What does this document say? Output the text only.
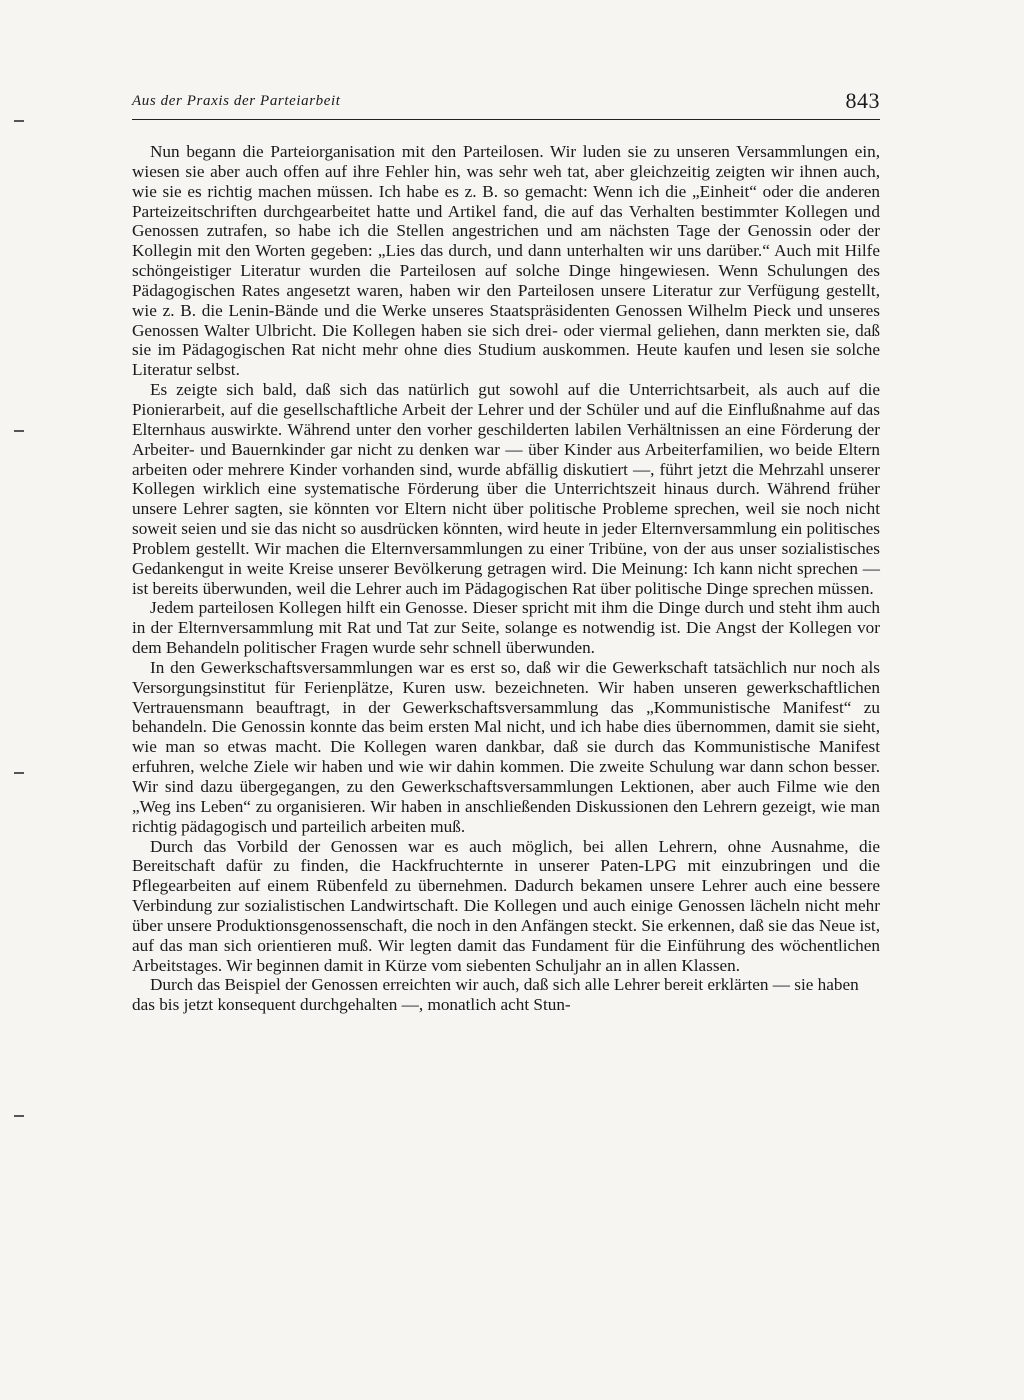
Aus der Praxis der Parteiarbeit	843

Nun begann die Parteiorganisation mit den Parteilosen. Wir luden sie zu unseren Versammlungen ein, wiesen sie aber auch offen auf ihre Fehler hin, was sehr weh tat, aber gleichzeitig zeigten wir ihnen auch, wie sie es richtig machen müssen. Ich habe es z. B. so gemacht: Wenn ich die „Einheit“ oder die anderen Parteizeitschriften durchgearbeitet hatte und Artikel fand, die auf das Verhalten bestimmter Kollegen und Genossen zutrafen, so habe ich die Stellen angestrichen und am nächsten Tage der Genossin oder der Kollegin mit den Worten gegeben: „Lies das durch, und dann unterhalten wir uns darüber.“ Auch mit Hilfe schöngeistiger Literatur wurden die Parteilosen auf solche Dinge hingewiesen. Wenn Schulungen des Pädagogischen Rates angesetzt waren, haben wir den Parteilosen unsere Literatur zur Verfügung gestellt, wie z. B. die Lenin-Bände und die Werke unseres Staatspräsidenten Genossen Wilhelm Pieck und unseres Genossen Walter Ulbricht. Die Kollegen haben sie sich drei- oder viermal geliehen, dann merkten sie, daß sie im Pädagogischen Rat nicht mehr ohne dies Studium auskommen. Heute kaufen und lesen sie solche Literatur selbst.

Es zeigte sich bald, daß sich das natürlich gut sowohl auf die Unterrichtsarbeit, als auch auf die Pionierarbeit, auf die gesellschaftliche Arbeit der Lehrer und der Schüler und auf die Einflußnahme auf das Elternhaus auswirkte. Während unter den vorher geschilderten labilen Verhältnissen an eine Förderung der Arbeiter- und Bauernkinder gar nicht zu denken war — über Kinder aus Arbeiterfamilien, wo beide Eltern arbeiten oder mehrere Kinder vorhanden sind, wurde abfällig diskutiert —, führt jetzt die Mehrzahl unserer Kollegen wirklich eine systematische Förderung über die Unterrichtszeit hinaus durch. Während früher unsere Lehrer sagten, sie könnten vor Eltern nicht über politische Probleme sprechen, weil sie noch nicht soweit seien und sie das nicht so ausdrücken könnten, wird heute in jeder Elternversammlung ein politisches Problem gestellt. Wir machen die Elternversammlungen zu einer Tribüne, von der aus unser sozialistisches Gedankengut in weite Kreise unserer Bevölkerung getragen wird. Die Meinung: Ich kann nicht sprechen — ist bereits überwunden, weil die Lehrer auch im Pädagogischen Rat über politische Dinge sprechen müssen.

Jedem parteilosen Kollegen hilft ein Genosse. Dieser spricht mit ihm die Dinge durch und steht ihm auch in der Elternversammlung mit Rat und Tat zur Seite, solange es notwendig ist. Die Angst der Kollegen vor dem Behandeln politischer Fragen wurde sehr schnell überwunden.

In den Gewerkschaftsversammlungen war es erst so, daß wir die Gewerkschaft tatsächlich nur noch als Versorgungsinstitut für Ferienplätze, Kuren usw. bezeichneten. Wir haben unseren gewerkschaftlichen Vertrauensmann beauftragt, in der Gewerkschaftsversammlung das „Kommunistische Manifest“ zu behandeln. Die Genossin konnte das beim ersten Mal nicht, und ich habe dies übernommen, damit sie sieht, wie man so etwas macht. Die Kollegen waren dankbar, daß sie durch das Kommunistische Manifest erfuhren, welche Ziele wir haben und wie wir dahin kommen. Die zweite Schulung war dann schon besser. Wir sind dazu übergegangen, zu den Gewerkschaftsversammlungen Lektionen, aber auch Filme wie den „Weg ins Leben“ zu organisieren. Wir haben in anschließenden Diskussionen den Lehrern gezeigt, wie man richtig pädagogisch und parteilich arbeiten muß.

Durch das Vorbild der Genossen war es auch möglich, bei allen Lehrern, ohne Ausnahme, die Bereitschaft dafür zu finden, die Hackfruchternte in unserer Paten-LPG mit einzubringen und die Pflegearbeiten auf einem Rübenfeld zu übernehmen. Dadurch bekamen unsere Lehrer auch eine bessere Verbindung zur sozialistischen Landwirtschaft. Die Kollegen und auch einige Genossen lächeln nicht mehr über unsere Produktionsgenossenschaft, die noch in den Anfängen steckt. Sie erkennen, daß sie das Neue ist, auf das man sich orientieren muß. Wir legten damit das Fundament für die Einführung des wöchentlichen Arbeitstages. Wir beginnen damit in Kürze vom siebenten Schuljahr an in allen Klassen.

Durch das Beispiel der Genossen erreichten wir auch, daß sich alle Lehrer bereit erklärten — sie haben das bis jetzt konsequent durchgehalten —, monatlich acht Stun-
